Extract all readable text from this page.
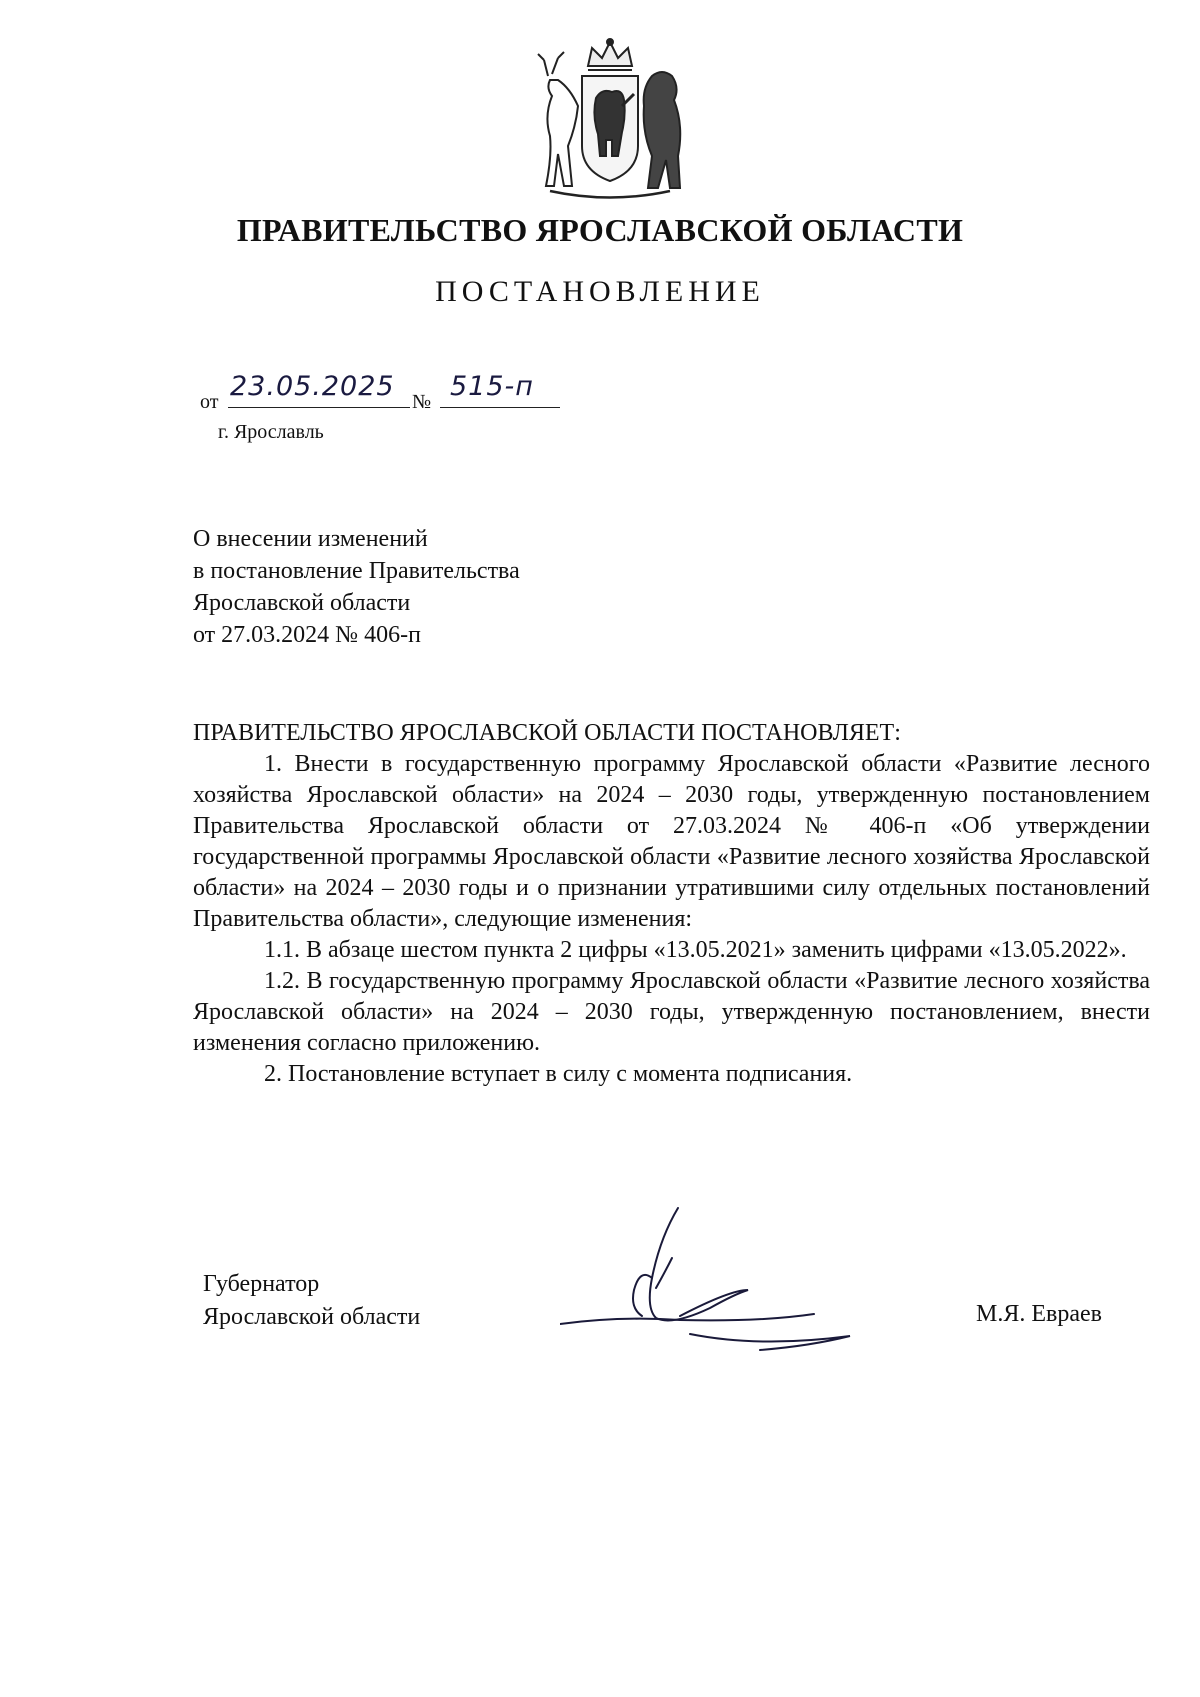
ПРАВИТЕЛЬСТВО ЯРОСЛАВСКОЙ ОБЛАСТИ
ПОСТАНОВЛЕНИЕ
от 23.05.2025 № 515-п
г. Ярославль
О внесении изменений
в постановление Правительства
Ярославской области
от 27.03.2024 № 406-п
ПРАВИТЕЛЬСТВО ЯРОСЛАВСКОЙ ОБЛАСТИ ПОСТАНОВЛЯЕТ:

1. Внести в государственную программу Ярославской области «Развитие лесного хозяйства Ярославской области» на 2024 – 2030 годы, утвержденную постановлением Правительства Ярославской области от 27.03.2024 № 406-п «Об утверждении государственной программы Ярославской области «Развитие лесного хозяйства Ярославской области» на 2024 – 2030 годы и о признании утратившими силу отдельных постановлений Правительства области», следующие изменения:

1.1. В абзаце шестом пункта 2 цифры «13.05.2021» заменить цифрами «13.05.2022».

1.2. В государственную программу Ярославской области «Развитие лесного хозяйства Ярославской области» на 2024 – 2030 годы, утвержденную постановлением, внести изменения согласно приложению.

2. Постановление вступает в силу с момента подписания.

Губернатор
Ярославской области	М.Я. Евраев
